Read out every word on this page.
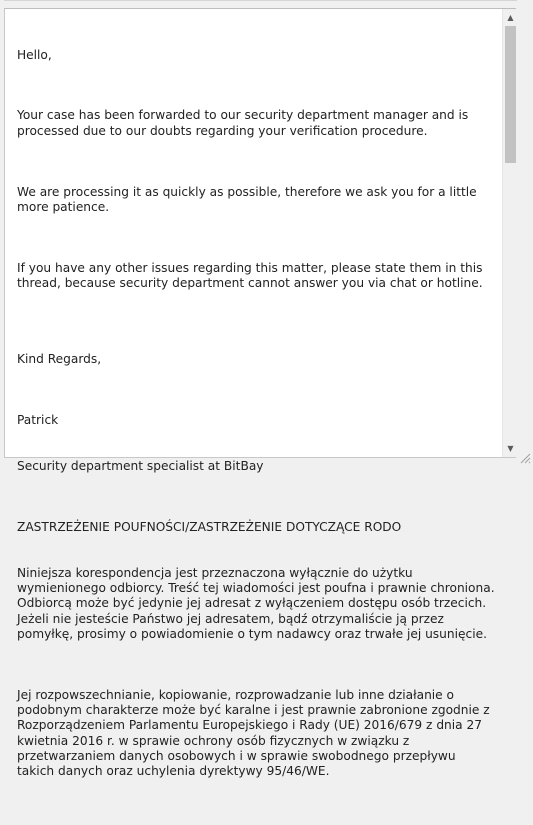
Hello,

Your case has been forwarded to our security department manager and is processed due to our doubts regarding your verification procedure.

We are processing it as quickly as possible, therefore we ask you for a little more patience.

If you have any other issues regarding this matter, please state them in this thread, because security department cannot answer you via chat or hotline.

Kind Regards,

Patrick

Security department specialist at BitBay

ZASTRZEŻENIE POUFNOŚCI/ZASTRZEŻENIE DOTYCZĄCE RODO

Niniejsza korespondencja jest przeznaczona wyłącznie do użytku wymienionego odbiorcy. Treść tej wiadomości jest poufna i prawnie chroniona. Odbiorcą może być jedynie jej adresat z wyłączeniem dostępu osób trzecich. Jeżeli nie jesteście Państwo jej adresatem, bądź otrzymaliście ją przez pomyłkę, prosimy o powiadomienie o tym nadawcy oraz trwałe jej usunięcie.

Jej rozpowszechnianie, kopiowanie, rozprowadzanie lub inne działanie o podobnym charakterze może być karalne i jest prawnie zabronione zgodnie z Rozporządzeniem Parlamentu Europejskiego i Rady (UE) 2016/679 z dnia 27 kwietnia 2016 r. w sprawie ochrony osób fizycznych w związku z przetwarzaniem danych osobowych i w sprawie swobodnego przepływu takich danych oraz uchylenia dyrektywy 95/46/WE.

▲
▼
